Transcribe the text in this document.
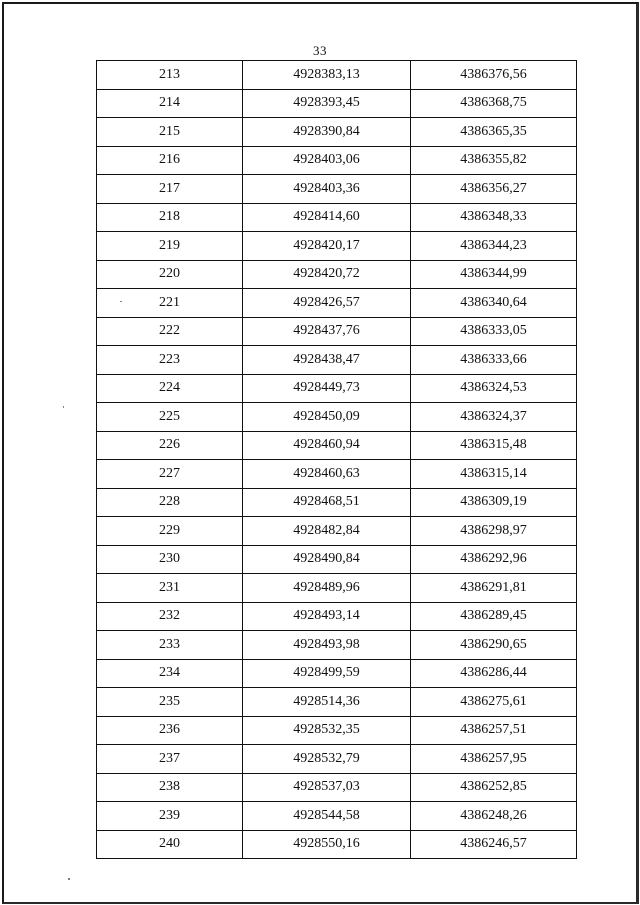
33
213	4928383,13	4386376,56
214	4928393,45	4386368,75
215	4928390,84	4386365,35
216	4928403,06	4386355,82
217	4928403,36	4386356,27
218	4928414,60	4386348,33
219	4928420,17	4386344,23
220	4928420,72	4386344,99
221	4928426,57	4386340,64
222	4928437,76	4386333,05
223	4928438,47	4386333,66
224	4928449,73	4386324,53
225	4928450,09	4386324,37
226	4928460,94	4386315,48
227	4928460,63	4386315,14
228	4928468,51	4386309,19
229	4928482,84	4386298,97
230	4928490,84	4386292,96
231	4928489,96	4386291,81
232	4928493,14	4386289,45
233	4928493,98	4386290,65
234	4928499,59	4386286,44
235	4928514,36	4386275,61
236	4928532,35	4386257,51
237	4928532,79	4386257,95
238	4928537,03	4386252,85
239	4928544,58	4386248,26
240	4928550,16	4386246,57
